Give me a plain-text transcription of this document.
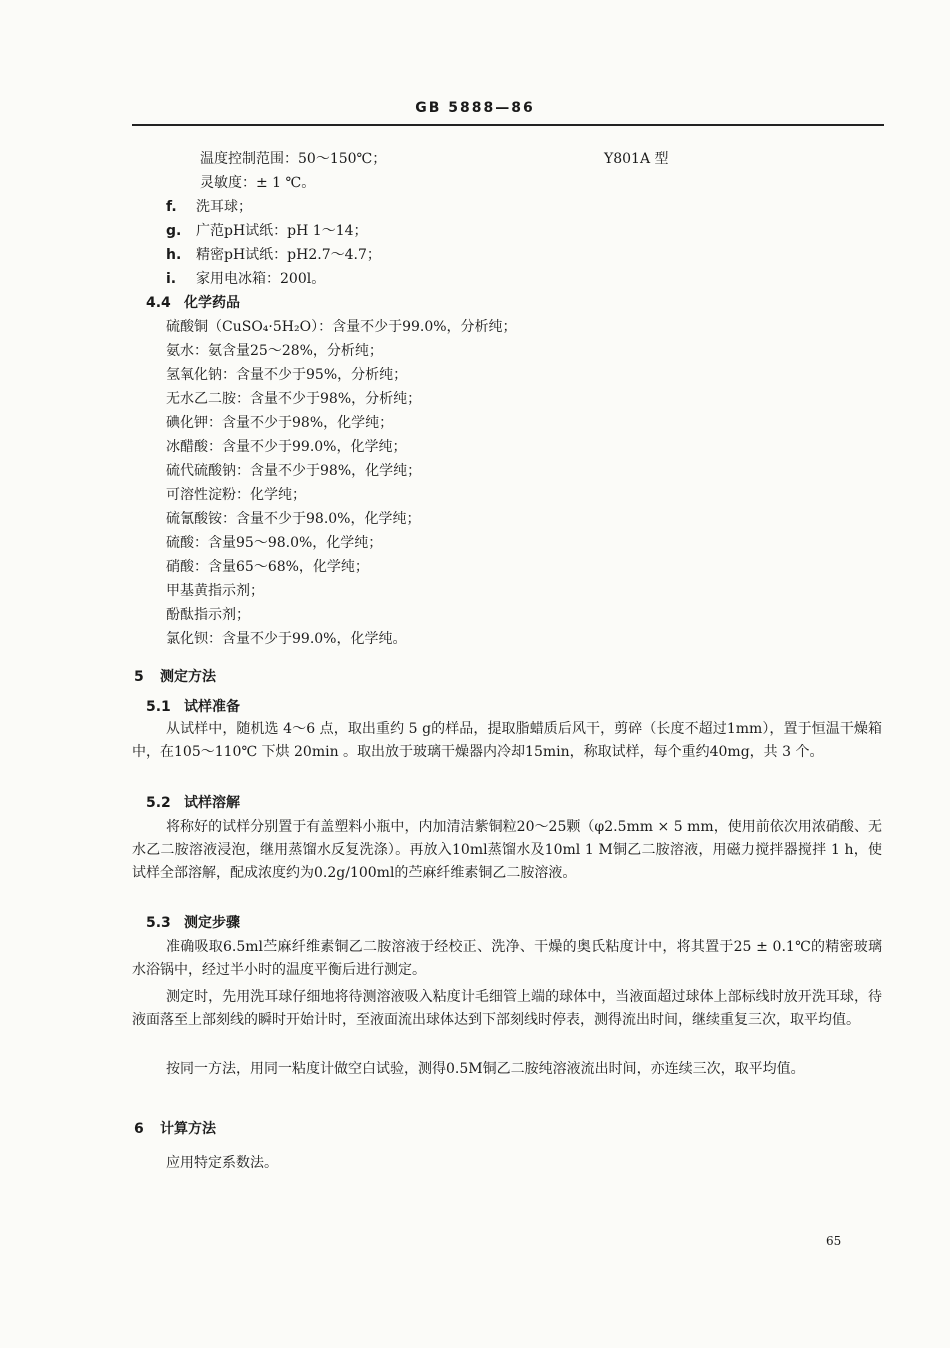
GB 5888—86
温度控制范围：50～150℃；	Y801A 型
灵敏度：± 1 ℃。
f. 洗耳球；
g. 广范pH试纸：pH 1～14；
h. 精密pH试纸：pH2.7～4.7；
i. 家用电冰箱：200l。
4.4 化学药品
硫酸铜（CuSO₄·5H₂O）：含量不少于99.0%，分析纯；
氨水：氨含量25～28%，分析纯；
氢氧化钠：含量不少于95%，分析纯；
无水乙二胺：含量不少于98%，分析纯；
碘化钾：含量不少于98%，化学纯；
冰醋酸：含量不少于99.0%，化学纯；
硫代硫酸钠：含量不少于98%，化学纯；
可溶性淀粉：化学纯；
硫氰酸铵：含量不少于98.0%，化学纯；
硫酸：含量95～98.0%，化学纯；
硝酸：含量65～68%，化学纯；
甲基黄指示剂；
酚酞指示剂；
氯化钡：含量不少于99.0%，化学纯。
5 测定方法
5.1 试样准备
从试样中，随机选 4～6 点，取出重约 5 g的样品，提取脂蜡质后风干，剪碎（长度不超过1mm），置于恒温干燥箱中，在105～110℃ 下烘 20min 。取出放于玻璃干燥器内冷却15min，称取试样，每个重约40mg，共 3 个。
5.2 试样溶解
将称好的试样分别置于有盖塑料小瓶中，内加清洁紫铜粒20～25颗（φ2.5mm × 5 mm，使用前依次用浓硝酸、无水乙二胺溶液浸泡，继用蒸馏水反复洗涤）。再放入10ml蒸馏水及10ml 1 M铜乙二胺溶液，用磁力搅拌器搅拌 1 h，使试样全部溶解，配成浓度约为0.2g/100ml的苎麻纤维素铜乙二胺溶液。
5.3 测定步骤
准确吸取6.5ml苎麻纤维素铜乙二胺溶液于经校正、洗净、干燥的奥氏粘度计中，将其置于25 ± 0.1℃的精密玻璃水浴锅中，经过半小时的温度平衡后进行测定。
测定时，先用洗耳球仔细地将待测溶液吸入粘度计毛细管上端的球体中，当液面超过球体上部标线时放开洗耳球，待液面落至上部刻线的瞬时开始计时，至液面流出球体达到下部刻线时停表，测得流出时间，继续重复三次，取平均值。
按同一方法，用同一粘度计做空白试验，测得0.5M铜乙二胺纯溶液流出时间，亦连续三次，取平均值。
6 计算方法
应用特定系数法。
65
